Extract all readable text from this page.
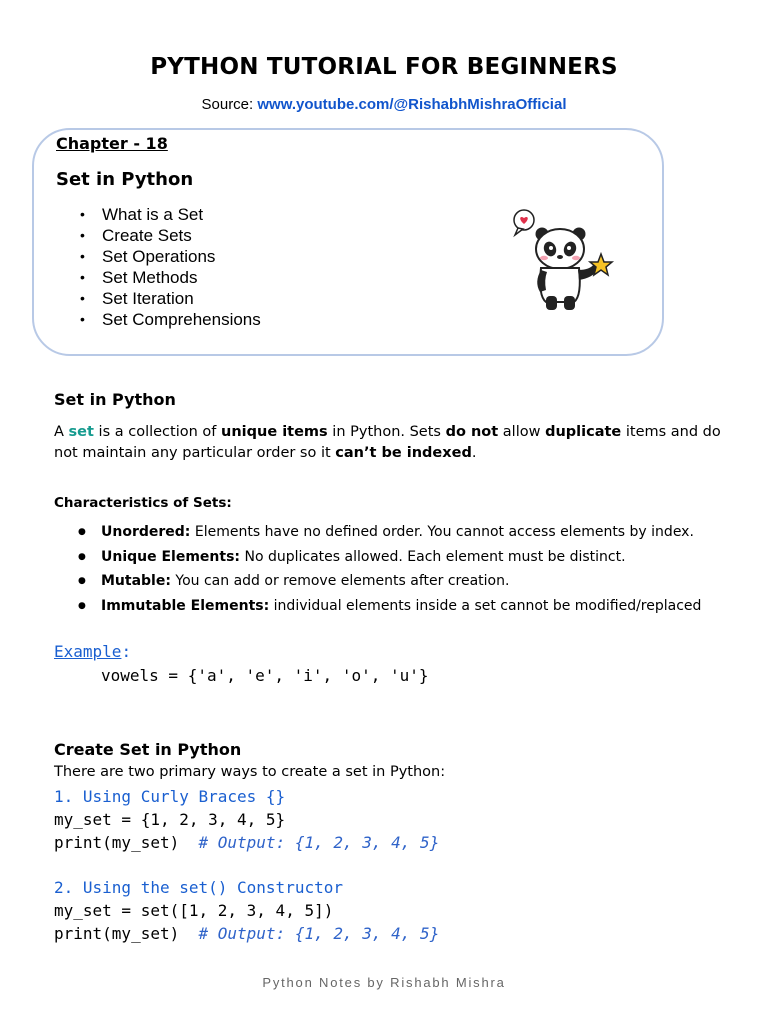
PYTHON TUTORIAL FOR BEGINNERS
Source: www.youtube.com/@RishabhMishraOfficial
Chapter - 18
Set in Python
• What is a Set
• Create Sets
• Set Operations
• Set Methods
• Set Iteration
• Set Comprehensions
Set in Python
A set is a collection of unique items in Python. Sets do not allow duplicate items and do not maintain any particular order so it can’t be indexed.
Characteristics of Sets:
● Unordered: Elements have no defined order. You cannot access elements by index.
● Unique Elements: No duplicates allowed. Each element must be distinct.
● Mutable: You can add or remove elements after creation.
● Immutable Elements: individual elements inside a set cannot be modified/replaced
Example:
vowels = {'a', 'e', 'i', 'o', 'u'}
Create Set in Python
There are two primary ways to create a set in Python:
1. Using Curly Braces {}
my_set = {1, 2, 3, 4, 5}
print(my_set) # Output: {1, 2, 3, 4, 5}
2. Using the set() Constructor
my_set = set([1, 2, 3, 4, 5])
print(my_set) # Output: {1, 2, 3, 4, 5}
Python Notes by Rishabh Mishra
